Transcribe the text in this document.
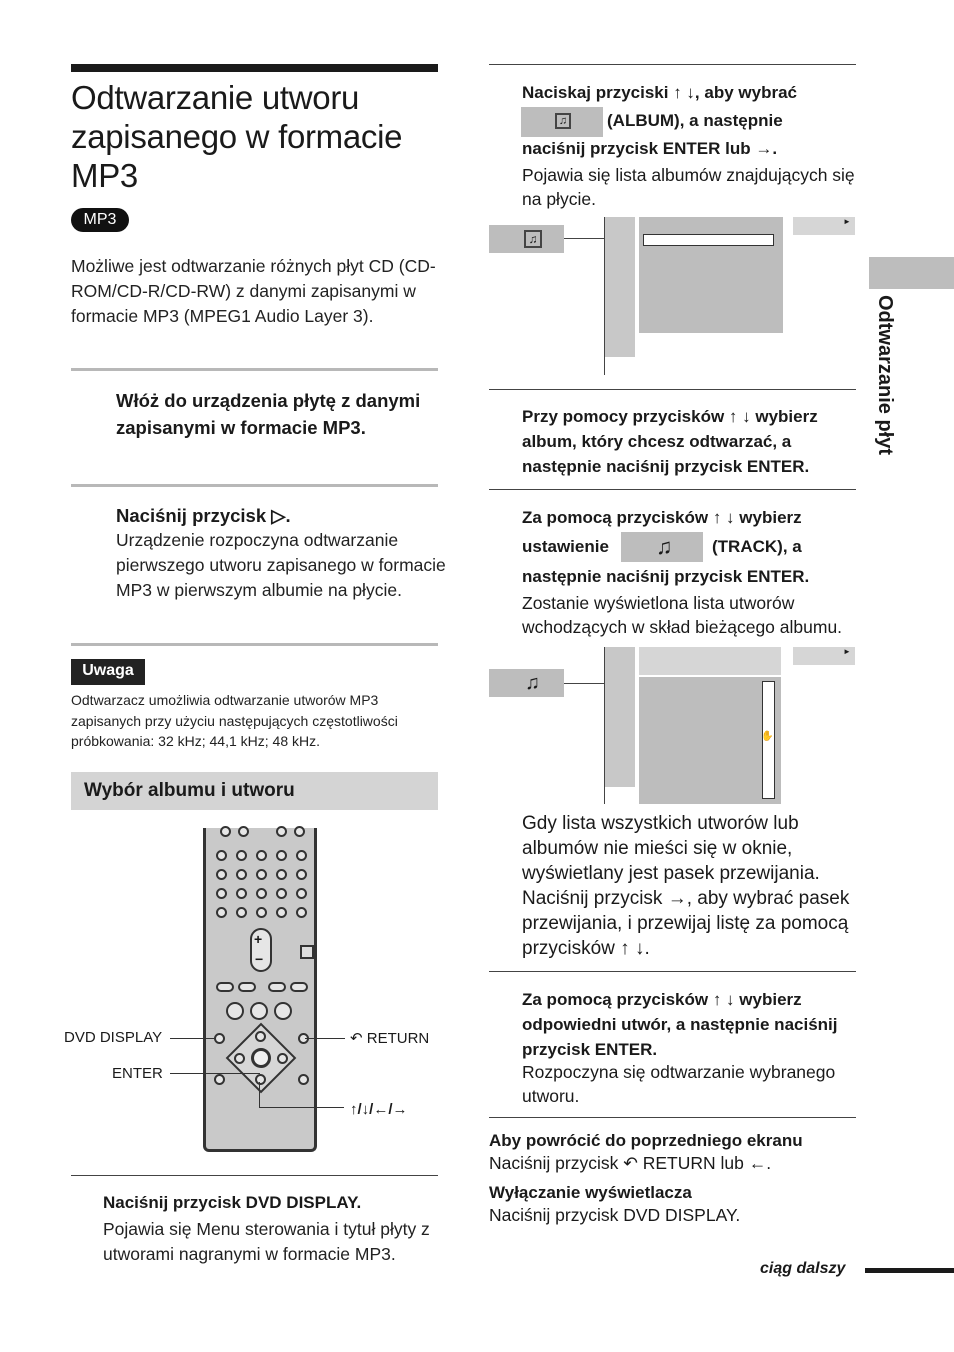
Odtwarzanie utworu zapisanego w formacie MP3
MP3
Możliwe jest odtwarzanie różnych płyt CD (CD-ROM/CD-R/CD-RW) z danymi zapisanymi w formacie MP3 (MPEG1 Audio Layer 3).
Włóż do urządzenia płytę z danymi zapisanymi w formacie MP3.
Naciśnij przycisk ▷.
Urządzenie rozpoczyna odtwarzanie pierwszego utworu zapisanego w formacie MP3 w pierwszym albumie na płycie.
Uwaga
Odtwarzacz umożliwia odtwarzanie utworów MP3 zapisanych przy użyciu następujących częstotliwości próbkowania: 32 kHz; 44,1 kHz; 48 kHz.
Wybór albumu i utworu
+
−
DVD DISPLAY
ENTER
↶ RETURN
↑/↓/←/→
Naciśnij przycisk DVD DISPLAY.
Pojawia się Menu sterowania i tytuł płyty z utworami nagranymi w formacie MP3.
Naciskaj przyciski ↑ ↓, aby wybrać
♫ (ALBUM), a następnie
naciśnij przycisk ENTER lub →.
Pojawia się lista albumów znajdujących się na płycie.
♫
►
Przy pomocy przycisków ↑ ↓ wybierz album, który chcesz odtwarzać, a następnie naciśnij przycisk ENTER.
Za pomocą przycisków ↑ ↓ wybierz
ustawienie ♫ (TRACK), a
następnie naciśnij przycisk ENTER.
Zostanie wyświetlona lista utworów wchodzących w skład bieżącego albumu.
♫
✋
►
Gdy lista wszystkich utworów lub albumów nie mieści się w oknie, wyświetlany jest pasek przewijania. Naciśnij przycisk →, aby wybrać pasek przewijania, i przewijaj listę za pomocą przycisków ↑ ↓.
Za pomocą przycisków ↑ ↓ wybierz odpowiedni utwór, a następnie naciśnij przycisk ENTER.
Rozpoczyna się odtwarzanie wybranego utworu.
Aby powrócić do poprzedniego ekranu
Naciśnij przycisk ↶ RETURN lub ←.
Wyłączanie wyświetlacza
Naciśnij przycisk DVD DISPLAY.
Odtwarzanie płyt
ciąg dalszy
